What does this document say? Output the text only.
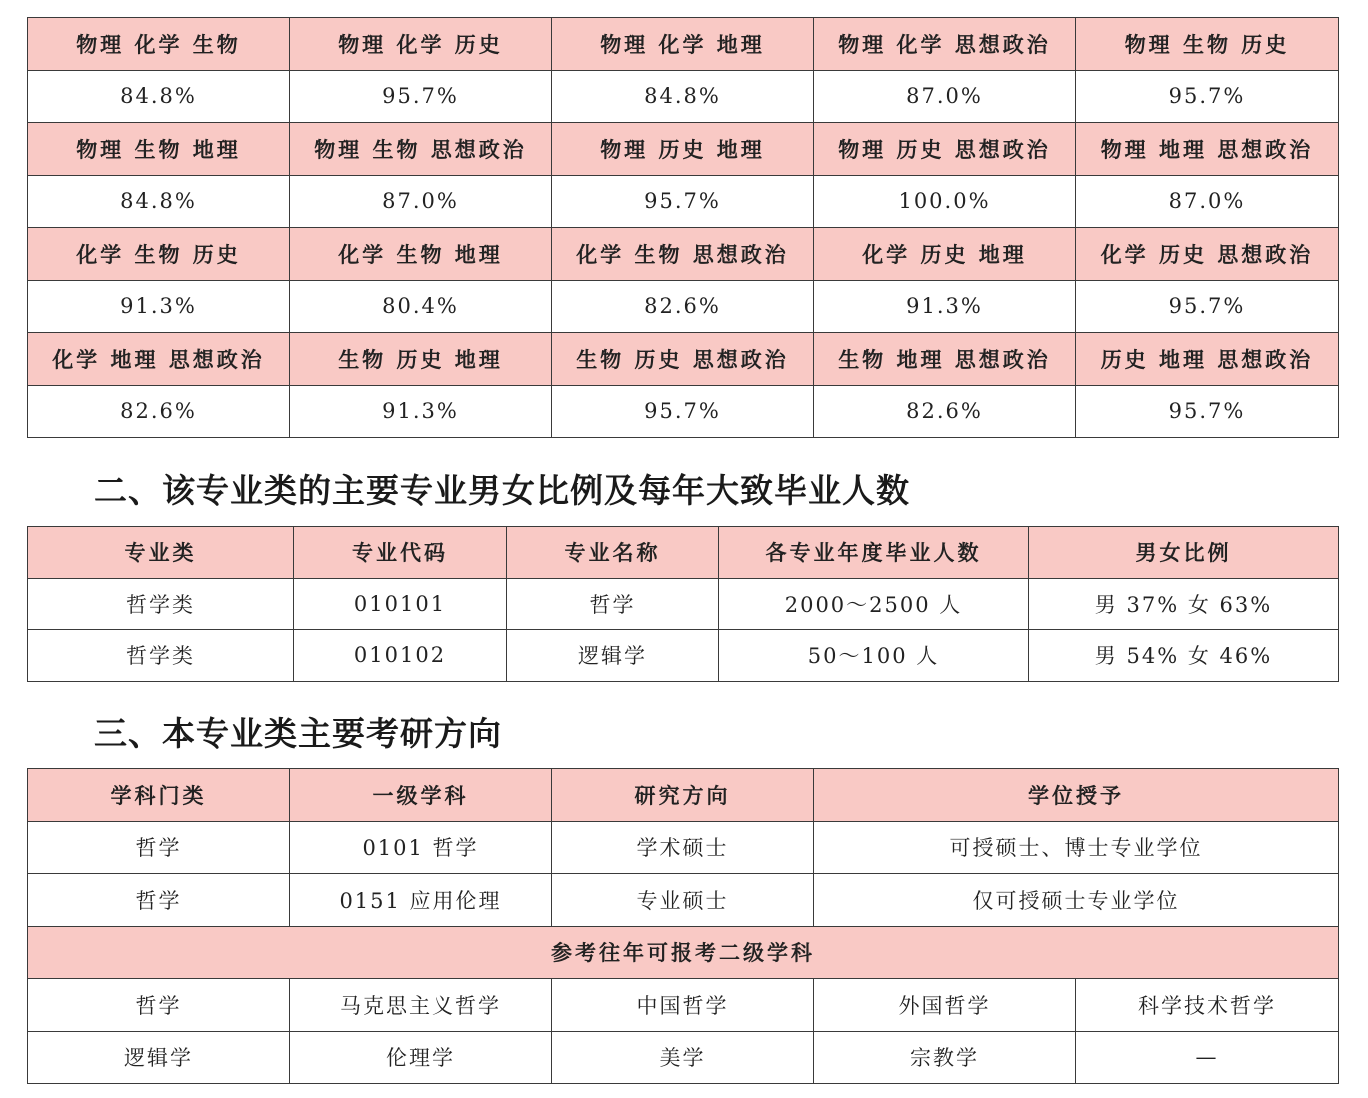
物理 化学 生物	物理 化学 历史	物理 化学 地理	物理 化学 思想政治	物理 生物 历史
84.8%	95.7%	84.8%	87.0%	95.7%
物理 生物 地理	物理 生物 思想政治	物理 历史 地理	物理 历史 思想政治	物理 地理 思想政治
84.8%	87.0%	95.7%	100.0%	87.0%
化学 生物 历史	化学 生物 地理	化学 生物 思想政治	化学 历史 地理	化学 历史 思想政治
91.3%	80.4%	82.6%	91.3%	95.7%
化学 地理 思想政治	生物 历史 地理	生物 历史 思想政治	生物 地理 思想政治	历史 地理 思想政治
82.6%	91.3%	95.7%	82.6%	95.7%
二、该专业类的主要专业男女比例及每年大致毕业人数
专业类	专业代码	专业名称	各专业年度毕业人数	男女比例
哲学类	010101	哲学	2000～2500 人	男 37% 女 63%
哲学类	010102	逻辑学	50～100 人	男 54% 女 46%
三、本专业类主要考研方向
学科门类	一级学科	研究方向	学位授予	
哲学	0101 哲学	学术硕士	可授硕士、博士专业学位	
哲学	0151 应用伦理	专业硕士	仅可授硕士专业学位	
参考往年可报考二级学科				
哲学	马克思主义哲学	中国哲学	外国哲学	科学技术哲学
逻辑学	伦理学	美学	宗教学	—
